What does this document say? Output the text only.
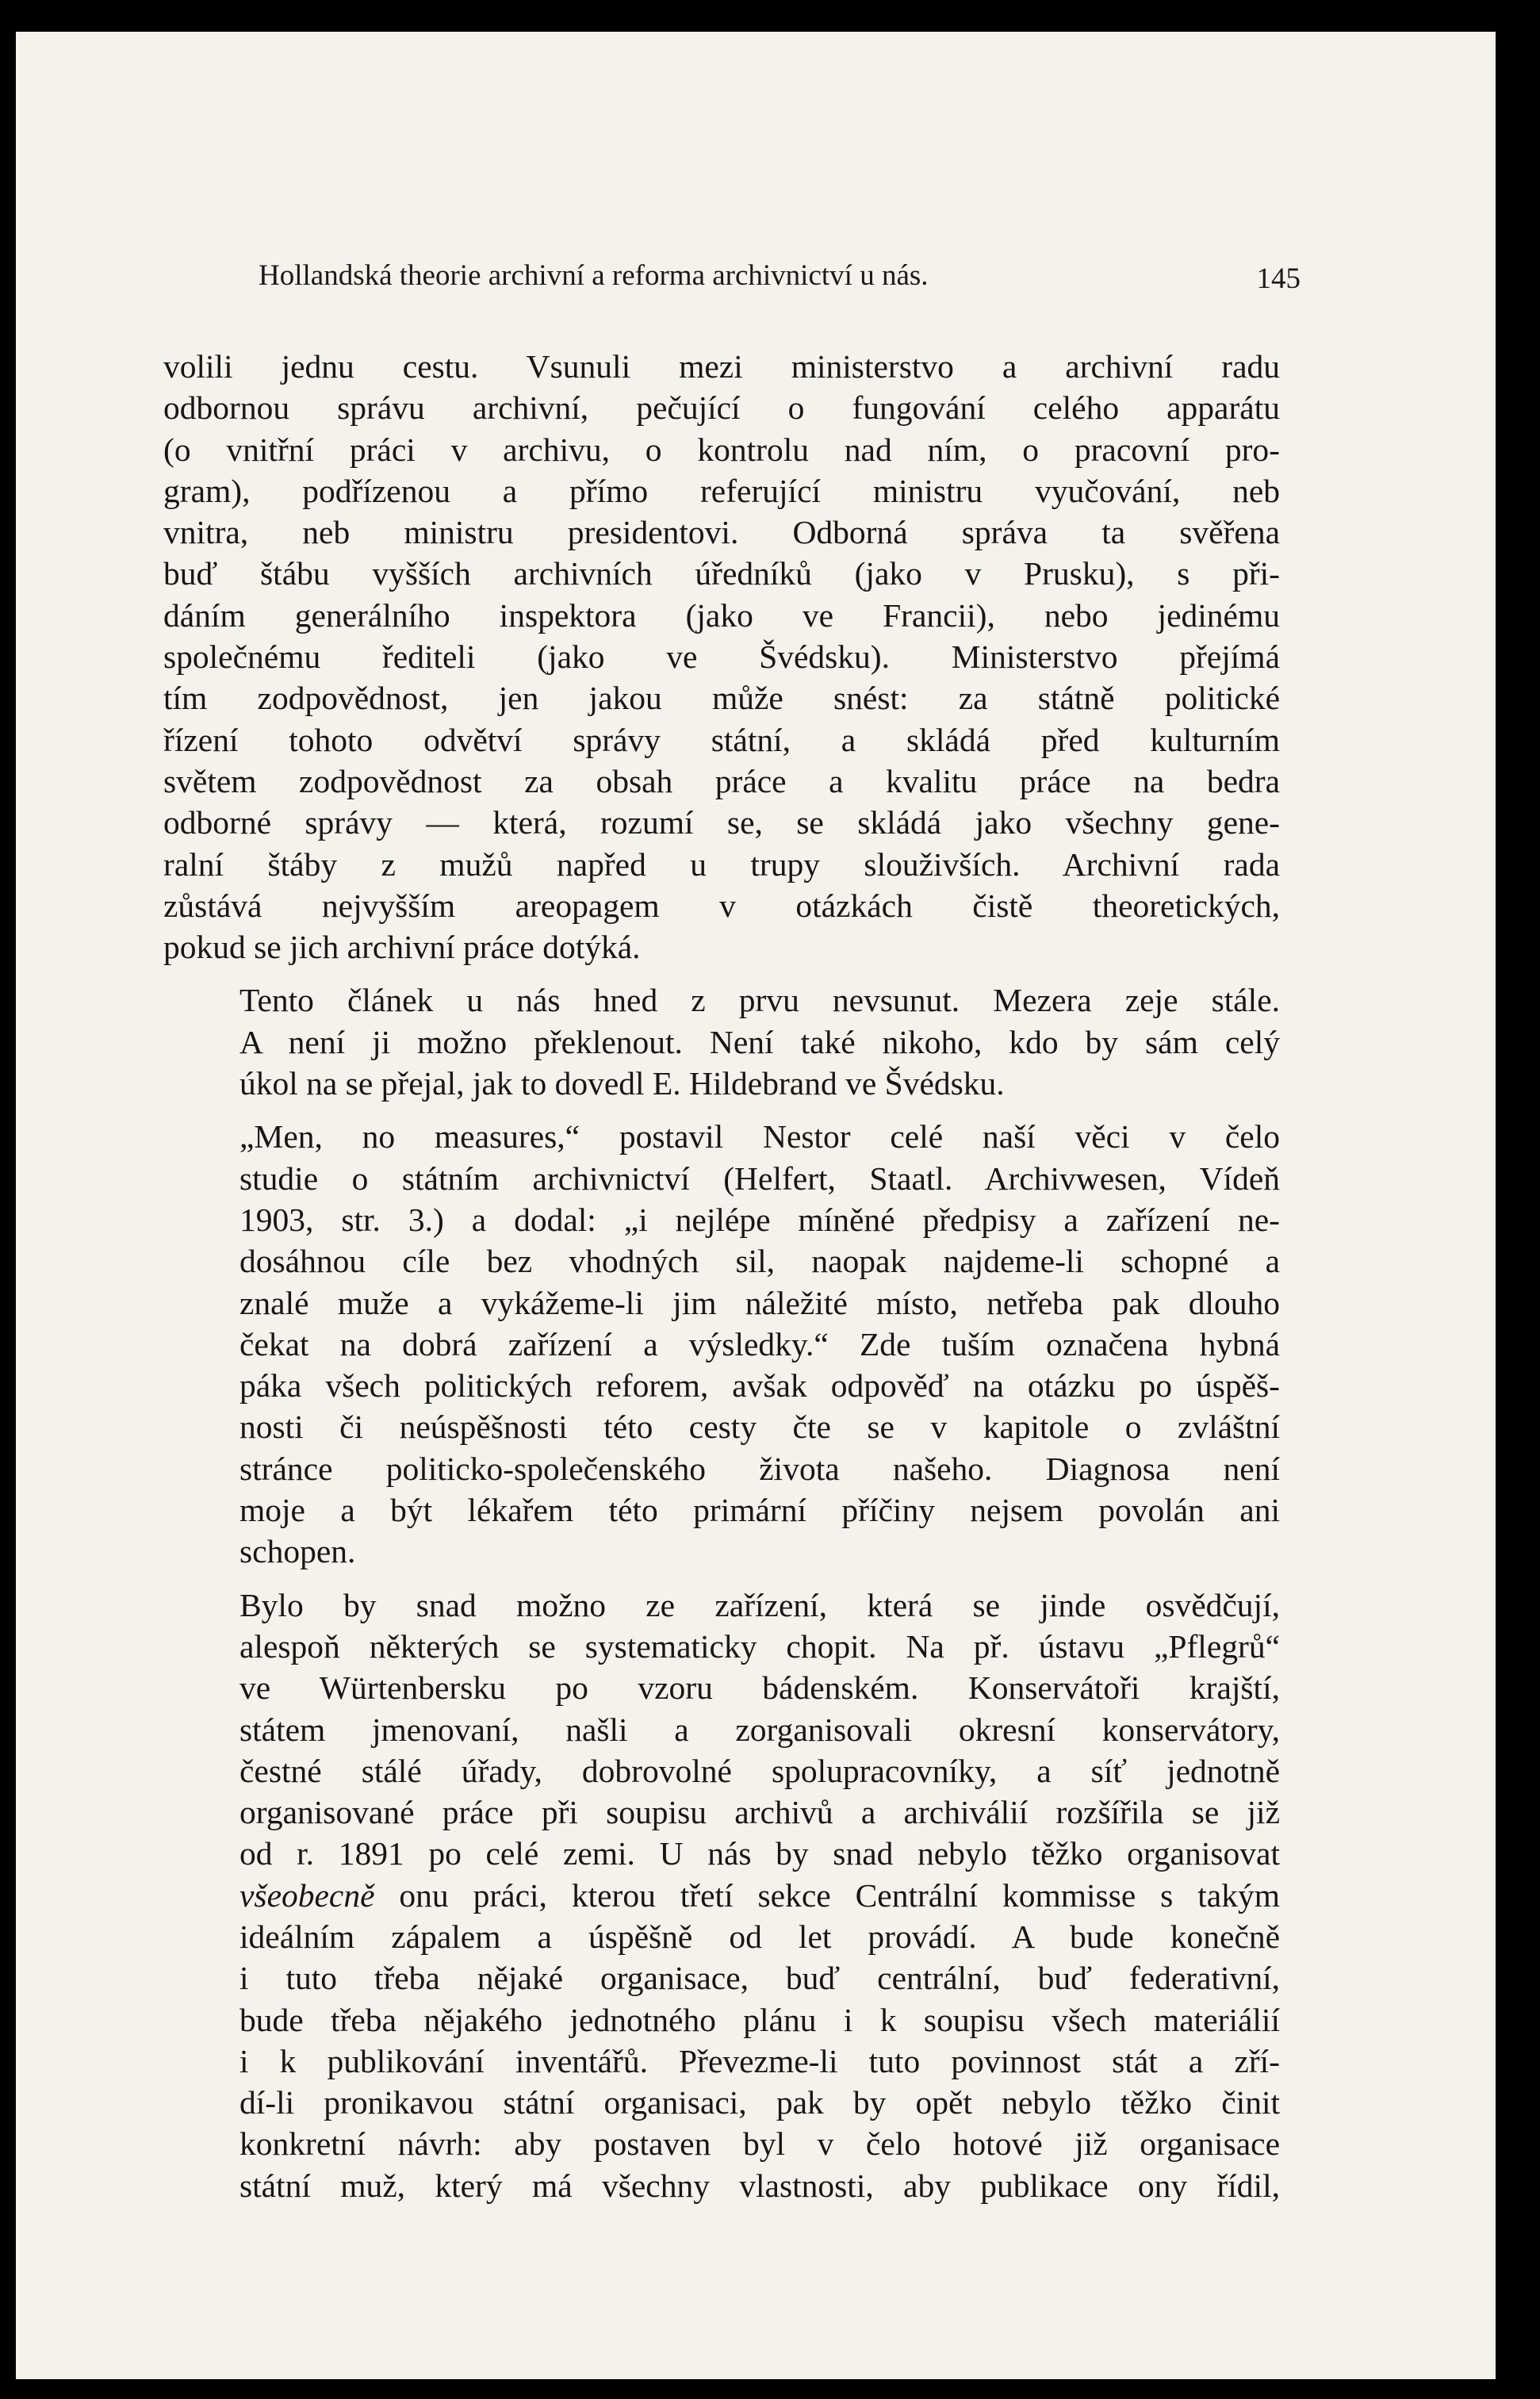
Hollandská theorie archivní a reforma archivnictví u nás.	145
volili jednu cestu. Vsunuli mezi ministerstvo a archivní radu
odbornou správu archivní, pečující o fungování celého apparátu
(o vnitřní práci v archivu, o kontrolu nad ním, o pracovní pro-
gram), podřízenou a přímo referující ministru vyučování, neb
vnitra, neb ministru presidentovi. Odborná správa ta svěřena
buď štábu vyšších archivních úředníků (jako v Prusku), s při-
dáním generálního inspektora (jako ve Francii), nebo jedinému
společnému řediteli (jako ve Švédsku). Ministerstvo přejímá
tím zodpovědnost, jen jakou může snést: za státně politické
řízení tohoto odvětví správy státní, a skládá před kulturním
světem zodpovědnost za obsah práce a kvalitu práce na bedra
odborné správy — která, rozumí se, se skládá jako všechny gene-
ralní štáby z mužů napřed u trupy slouživších. Archivní rada
zůstává nejvyšším areopagem v otázkách čistě theoretických,
pokud se jich archivní práce dotýká.
Tento článek u nás hned z prvu nevsunut. Mezera zeje stále.
A není ji možno překlenout. Není také nikoho, kdo by sám celý
úkol na se přejal, jak to dovedl E. Hildebrand ve Švédsku.
„Men, no measures,“ postavil Nestor celé naší věci v čelo
studie o státním archivnictví (Helfert, Staatl. Archivwesen, Vídeň
1903, str. 3.) a dodal: „i nejlépe míněné předpisy a zařízení ne-
dosáhnou cíle bez vhodných sil, naopak najdeme-li schopné a
znalé muže a vykážeme-li jim náležité místo, netřeba pak dlouho
čekat na dobrá zařízení a výsledky.“ Zde tuším označena hybná
páka všech politických reforem, avšak odpověď na otázku po úspěš-
nosti či neúspěšnosti této cesty čte se v kapitole o zvláštní
stránce politicko-společenského života našeho. Diagnosa není
moje a být lékařem této primární příčiny nejsem povolán ani
schopen.
Bylo by snad možno ze zařízení, která se jinde osvědčují,
alespoň některých se systematicky chopit. Na př. ústavu „Pflegrů“
ve Würtenbersku po vzoru bádenském. Konservátoři krajští,
státem jmenovaní, našli a zorganisovali okresní konservátory,
čestné stálé úřady, dobrovolné spolupracovníky, a síť jednotně
organisované práce při soupisu archivů a archiválií rozšířila se již
od r. 1891 po celé zemi. U nás by snad nebylo těžko organisovat
všeobecně onu práci, kterou třetí sekce Centrální kommisse s takým
ideálním zápalem a úspěšně od let provádí. A bude konečně
i tuto třeba nějaké organisace, buď centrální, buď federativní,
bude třeba nějakého jednotného plánu i k soupisu všech materiálií
i k publikování inventářů. Převezme-li tuto povinnost stát a zří-
dí-li pronikavou státní organisaci, pak by opět nebylo těžko činit
konkretní návrh: aby postaven byl v čelo hotové již organisace
státní muž, který má všechny vlastnosti, aby publikace ony řídil,
